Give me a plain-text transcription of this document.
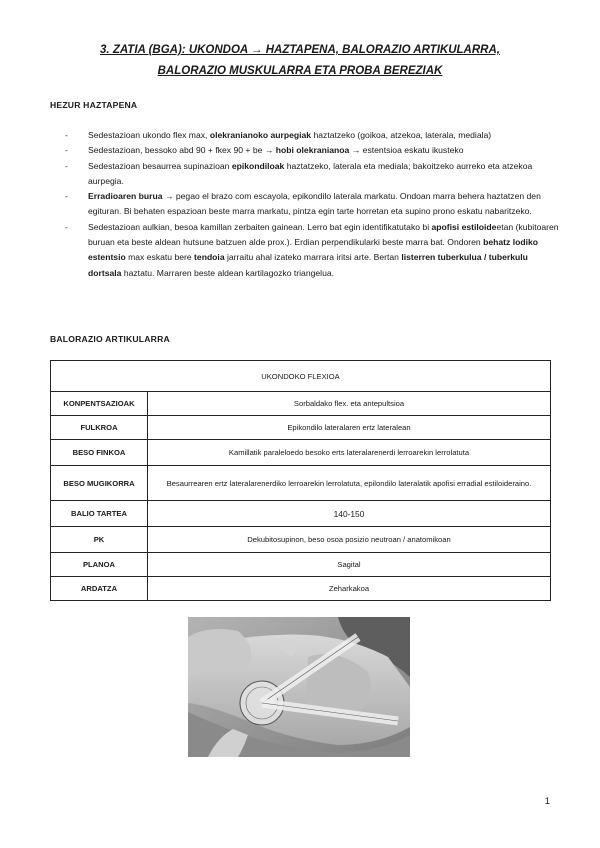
3. ZATIA (BGA): UKONDOA → HAZTAPENA, BALORAZIO ARTIKULARRA,
BALORAZIO MUSKULARRA ETA PROBA BEREZIAK
HEZUR HAZTAPENA
- Sedestazioan ukondo flex max, olekranianoko aurpegiak haztatzeko (goikoa, atzekoa, laterala, mediala)
- Sedestazioan, bessoko abd 90 + fkex 90 + be → hobi olekranianoa → estentsioa eskatu ikusteko
- Sedestazioan besaurrea supinazioan epikondiloak haztatzeko, laterala eta mediala; bakoitzeko aurreko eta atzekoa aurpegia.
- Erradioaren burua → pegao el brazo com escayola, epikondilo laterala markatu. Ondoan marra behera haztatzen den egituran. Bi behaten espazioan beste marra markatu, pintza egin tarte horretan eta supino prono eskatu nabaritzeko.
- Sedestazioan aulkian, besoa kamillan zerbaiten gainean. Lerro bat egin identifikatutako bi apofisi estiloideetan (kubitoaren buruan eta beste aldean hutsune batzuen alde prox.). Erdian perpendikularki beste marra bat. Ondoren behatz lodiko estentsio max eskatu bere tendoia jarraitu ahal izateko marrara iritsi arte. Bertan listerren tuberkulua / tuberkulu dortsala haztatu. Marraren beste aldean kartilagozko triangelua.
BALORAZIO ARTIKULARRA
UKONDOKO FLEXIOA	
KONPENTSAZIOAK	Sorbaldako flex. eta antepultsioa
FULKROA	Epikondilo lateralaren ertz lateralean
BESO FINKOA	Kamillatik paraleloedo besoko erts lateralarenerdi lerroarekin lerrolatuta
BESO MUGIKORRA	Besaurrearen ertz lateralarenerdiko lerroarekin lerrolatuta, epilondilo lateralatik apofisi erradial estiloideraino.
BALIO TARTEA	140-150
PK	Dekubitosupinon, beso osoa posizio neutroan / anatomikoan
PLANOA	Sagital
ARDATZA	Zeharkakoa
1
